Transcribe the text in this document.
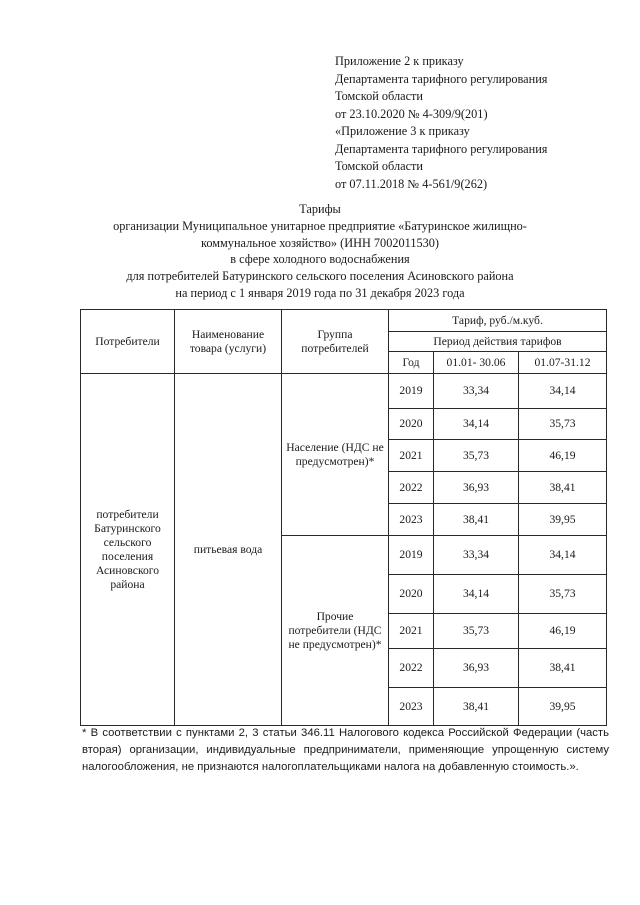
Приложение 2 к приказу
Департамента тарифного регулирования
Томской области
от 23.10.2020 № 4-309/9(201)
«Приложение 3 к приказу
Департамента тарифного регулирования
Томской области
от 07.11.2018 № 4-561/9(262)
Тарифы
организации Муниципальное унитарное предприятие «Батуринское жилищно-
коммунальное хозяйство» (ИНН 7002011530)
в сфере холодного водоснабжения
для потребителей Батуринского сельского поселения Асиновского района
на период с 1 января 2019 года по 31 декабря 2023 года
Потребители	Наименование товара (услуги)	Группа потребителей	Тариф, руб./м.куб.		
			Период действия тарифов		
			Год	01.01- 30.06	01.07-31.12
потребители Батуринского сельского поселения Асиновского района	питьевая вода	Население (НДС не предусмотрен)*	2019	33,34	34,14
			2020	34,14	35,73
			2021	35,73	46,19
			2022	36,93	38,41
			2023	38,41	39,95
		Прочие потребители (НДС не предусмотрен)*	2019	33,34	34,14
			2020	34,14	35,73
			2021	35,73	46,19
			2022	36,93	38,41
			2023	38,41	39,95
* В соответствии с пунктами 2, 3 статьи 346.11 Налогового кодекса Российской Федерации (часть вторая) организации, индивидуальные предприниматели, применяющие упрощенную систему налогообложения, не признаются налогоплательщиками налога на добавленную стоимость.».
